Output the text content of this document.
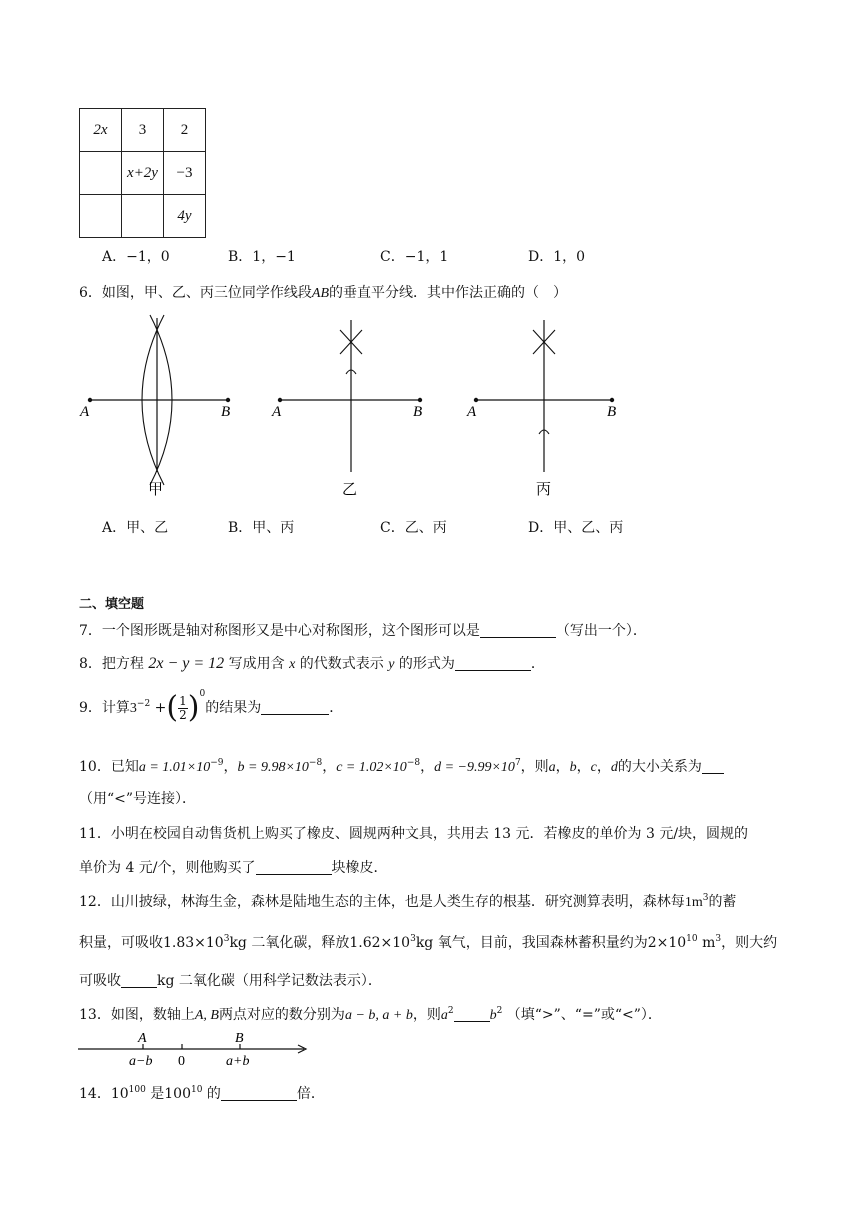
2x	3	2
	x+2y	−3
		4y
A．−1，0	B．1，−1	C．−1，1	D．1，0
6．如图，甲、乙、丙三位同学作线段AB的垂直平分线．其中作法正确的（　）
A	B
甲
A	B
乙
A	B
丙
A．甲、乙	B．甲、丙	C．乙、丙	D．甲、乙、丙
二、填空题
7．一个图形既是轴对称图形又是中心对称图形，这个图形可以是	（写出一个）．
8．把方程 2x − y = 12 写成用含 x 的代数式表示 y 的形式为	．
9．计算$3^{-2}$ +( $\frac{1}{2} )^0$的结果为	．
10．已知$a = 1.01\times 10^{-9}$，$b = 9.98\times 10^{-8}$，$c = 1.02\times 10^{-8}$，$d = -9.99\times 10^7$，则a，b，c，d的大小关系为
（用“<”号连接）．
11．小明在校园自动售货机上购买了橡皮、圆规两种文具，共用去 13 元．若橡皮的单价为 3 元/块，圆规的
单价为 4 元/个，则他购买了	块橡皮．
12．山川披绿，林海生金，森林是陆地生态的主体，也是人类生存的根基．研究测算表明，森林每$1m^3$的蓄
积量，可吸收$1.83\times 10^3kg$ 二氧化碳，释放$1.62\times 10^3kg$ 氧气，目前，我国森林蓄积量约为$2\times 10^{10}$ $m^3$，则大约
可吸收	kg 二氧化碳（用科学记数法表示）．
13．如图，数轴上A, B两点对应的数分别为a − b, a + b，则$a^2$	$b^2$ （填“>”、“=”或“<”）．
A	B
a−b 0	a+b
14．$10^{100}$ 是$100^{10}$ 的	倍．
